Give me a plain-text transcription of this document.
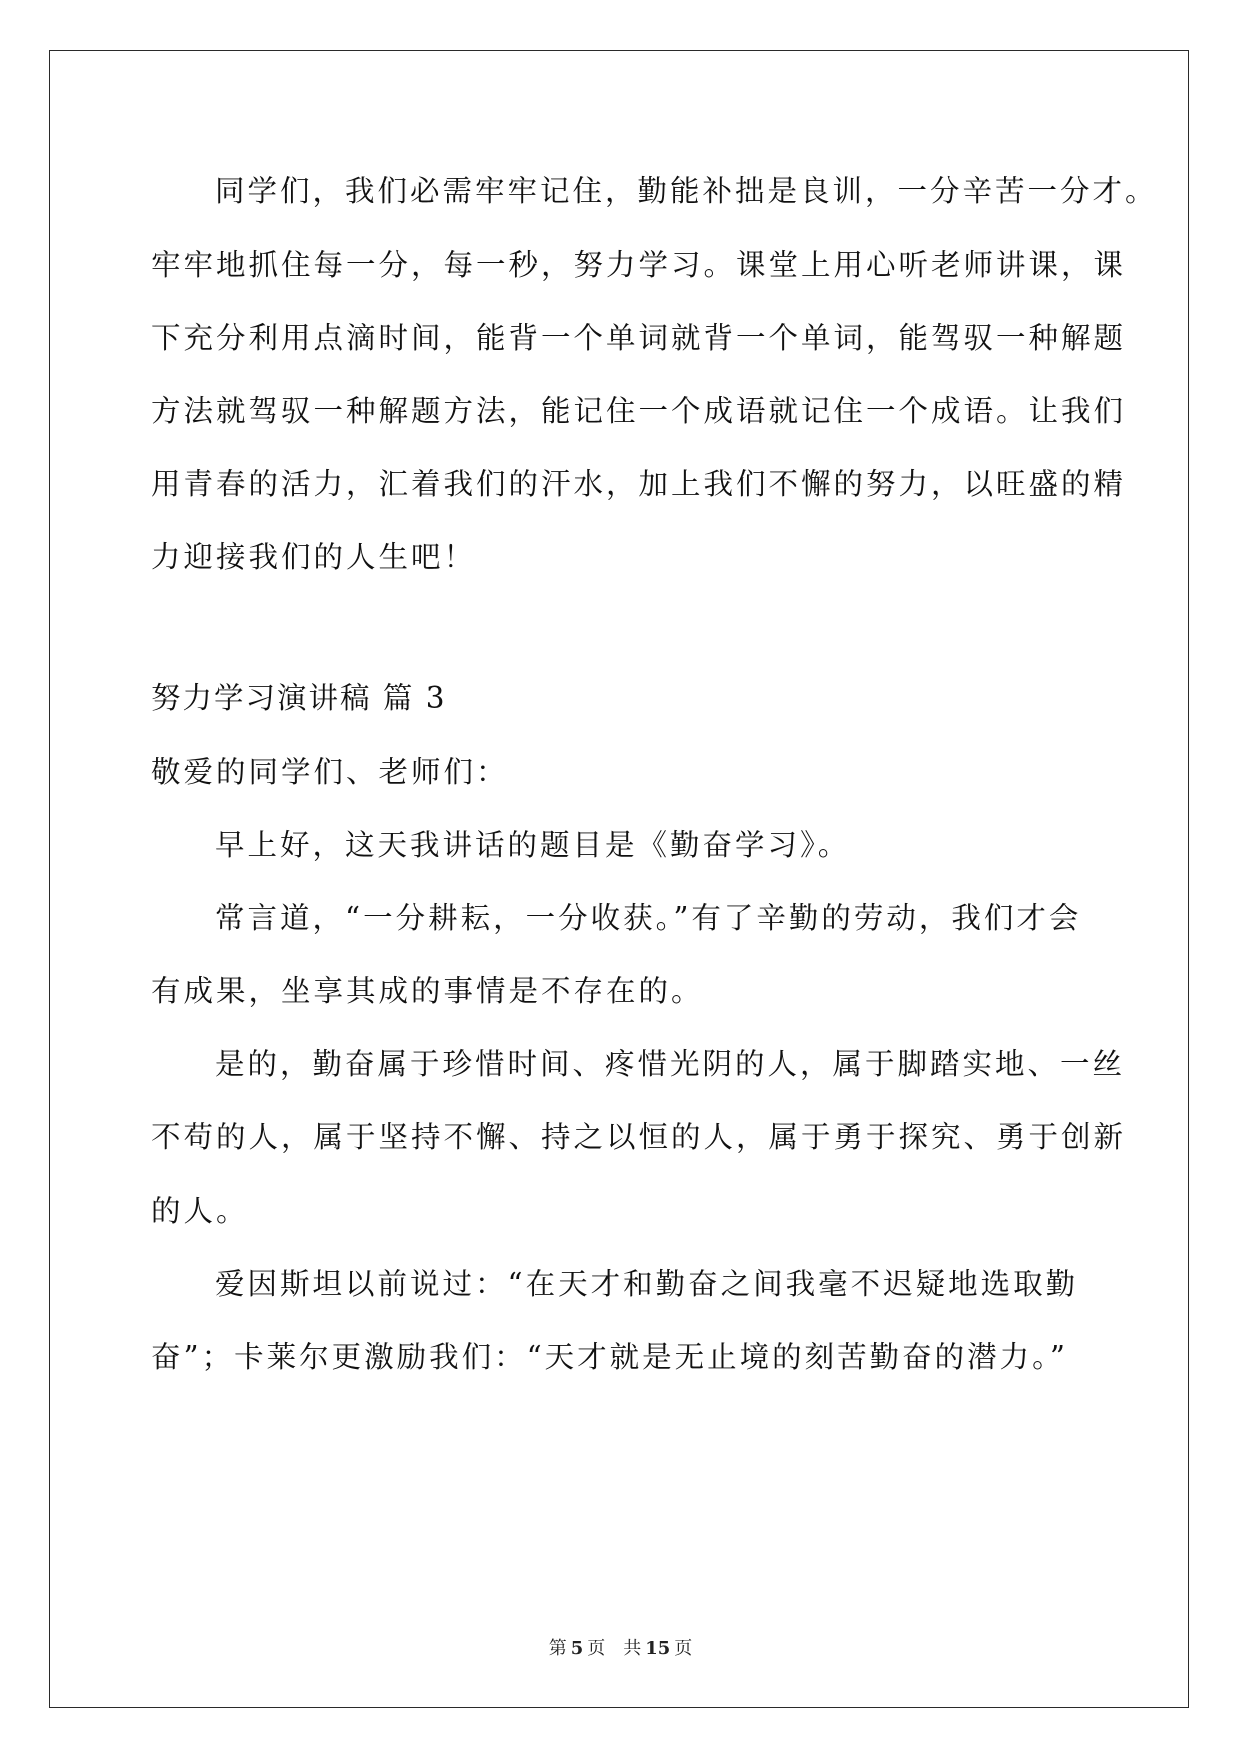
同学们，我们必需牢牢记住，勤能补拙是良训，一分辛苦一分才。

牢牢地抓住每一分，每一秒，努力学习。课堂上用心听老师讲课，课

下充分利用点滴时间，能背一个单词就背一个单词，能驾驭一种解题

方法就驾驭一种解题方法，能记住一个成语就记住一个成语。让我们

用青春的活力，汇着我们的汗水，加上我们不懈的努力，以旺盛的精

力迎接我们的人生吧！

努力学习演讲稿 篇 3

敬爱的同学们、老师们：

早上好，这天我讲话的题目是《勤奋学习》。

常言道，“一分耕耘，一分收获。”有了辛勤的劳动，我们才会

有成果，坐享其成的事情是不存在的。

是的，勤奋属于珍惜时间、疼惜光阴的人，属于脚踏实地、一丝

不苟的人，属于坚持不懈、持之以恒的人，属于勇于探究、勇于创新

的人。

爱因斯坦以前说过：“在天才和勤奋之间我毫不迟疑地选取勤

奋”；卡莱尔更激励我们：“天才就是无止境的刻苦勤奋的潜力。”

第 5 页 共 15 页
